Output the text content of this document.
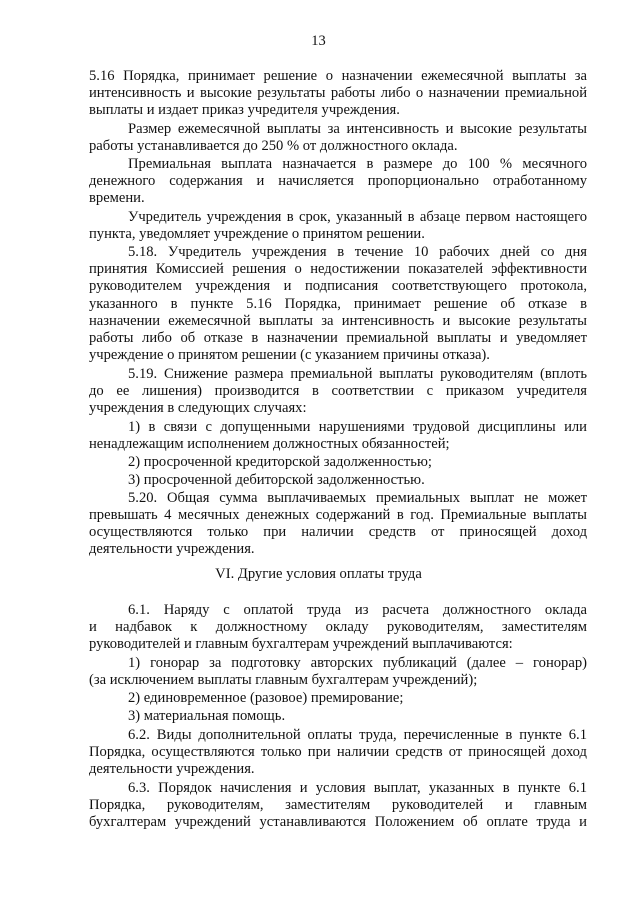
13
5.16 Порядка, принимает решение о назначении ежемесячной выплаты за
интенсивность и высокие результаты работы либо о назначении премиальной
выплаты и издает приказ учредителя учреждения.
Размер ежемесячной выплаты за интенсивность и высокие результаты
работы устанавливается до 250 % от должностного оклада.
Премиальная выплата назначается в размере до 100 % месячного
денежного содержания и начисляется пропорционально отработанному
времени.
Учредитель учреждения в срок, указанный в абзаце первом настоящего
пункта, уведомляет учреждение о принятом решении.
5.18. Учредитель учреждения в течение 10 рабочих дней со дня
принятия Комиссией решения о недостижении показателей эффективности
руководителем учреждения и подписания соответствующего протокола,
указанного в пункте 5.16 Порядка, принимает решение об отказе в
назначении ежемесячной выплаты за интенсивность и высокие результаты
работы либо об отказе в назначении премиальной выплаты и уведомляет
учреждение о принятом решении (с указанием причины отказа).
5.19. Снижение размера премиальной выплаты руководителям (вплоть
до ее лишения) производится в соответствии с приказом учредителя
учреждения в следующих случаях:
1) в связи с допущенными нарушениями трудовой дисциплины или
ненадлежащим исполнением должностных обязанностей;
2) просроченной кредиторской задолженностью;
3) просроченной дебиторской задолженностью.
5.20. Общая сумма выплачиваемых премиальных выплат не может
превышать 4 месячных денежных содержаний в год. Премиальные выплаты
осуществляются только при наличии средств от приносящей доход
деятельности учреждения.
VI. Другие условия оплаты труда
6.1. Наряду с оплатой труда из расчета должностного оклада
и надбавок к должностному окладу руководителям, заместителям
руководителей и главным бухгалтерам учреждений выплачиваются:
1) гонорар за подготовку авторских публикаций (далее – гонорар)
(за исключением выплаты главным бухгалтерам учреждений);
2) единовременное (разовое) премирование;
3) материальная помощь.
6.2. Виды дополнительной оплаты труда, перечисленные в пункте 6.1
Порядка, осуществляются только при наличии средств от приносящей доход
деятельности учреждения.
6.3. Порядок начисления и условия выплат, указанных в пункте 6.1
Порядка, руководителям, заместителям руководителей и главным
бухгалтерам учреждений устанавливаются Положением об оплате труда и
